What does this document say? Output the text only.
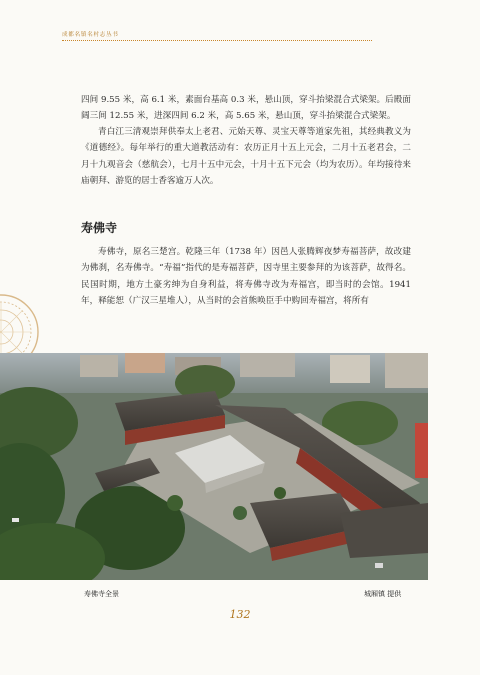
成都名镇名村志丛书
四间 9.55 米，高 6.1 米，素面台基高 0.3 米，悬山顶，穿斗抬梁混合式梁架。后殿面阔三间 12.55 米，进深四间 6.2 米，高 5.65 米，悬山顶，穿斗抬梁混合式梁架。
青白江三清观崇拜供奉太上老君、元始天尊、灵宝天尊等道家先祖，其经典教义为《道德经》。每年举行的重大道教活动有：农历正月十五上元会，二月十五老君会，二月十九观音会（慈航会），七月十五中元会，十月十五下元会（均为农历）。年均接待来庙朝拜、游览的居士香客逾万人次。
寿佛寺
寿佛寺，原名三楚宫。乾隆三年（1738 年）因邑人张腾辉夜梦寿福菩萨，故改建为佛刹，名寿佛寺。“寿福”指代的是寿福菩萨，因寺里主要参拜的为该菩萨，故得名。民国时期，地方土豪劣绅为自身利益，将寿佛寺改为寿福宫，即当时的会馆。1941 年，释能恕（广汉三星堆人），从当时的会首熊唤臣手中购回寿福宫，将所有
寿佛寺全景	城厢镇 提供
132
